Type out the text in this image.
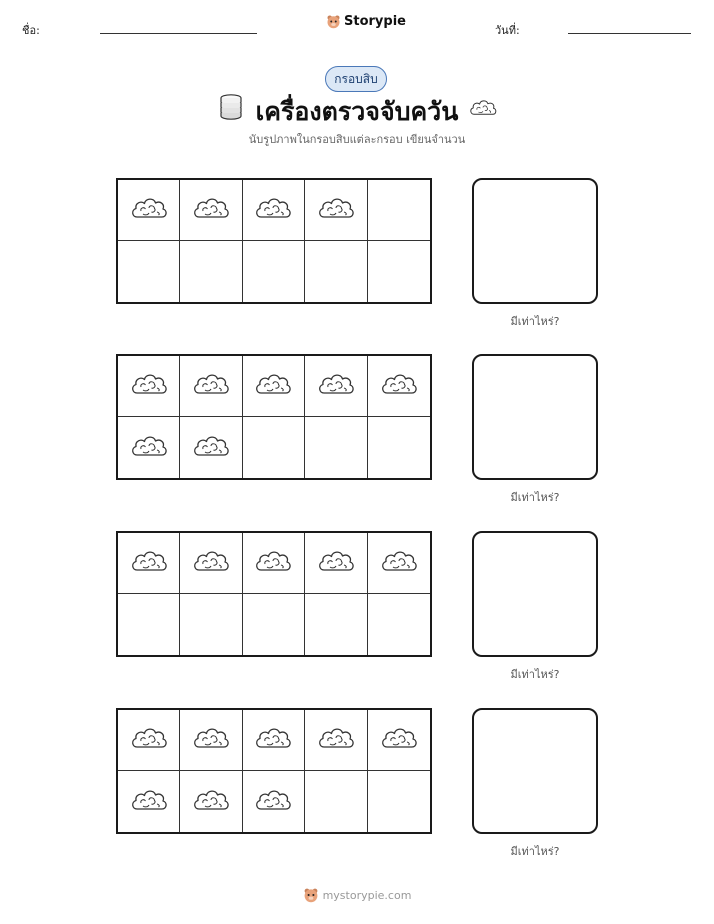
ชื่อ:
Storypie
วันที่:
กรอบสิบ
เครื่องตรวจจับควัน
นับรูปภาพในกรอบสิบแต่ละกรอบ เขียนจำนวน
มีเท่าไหร่?
มีเท่าไหร่?
มีเท่าไหร่?
มีเท่าไหร่?
mystorypie.com
